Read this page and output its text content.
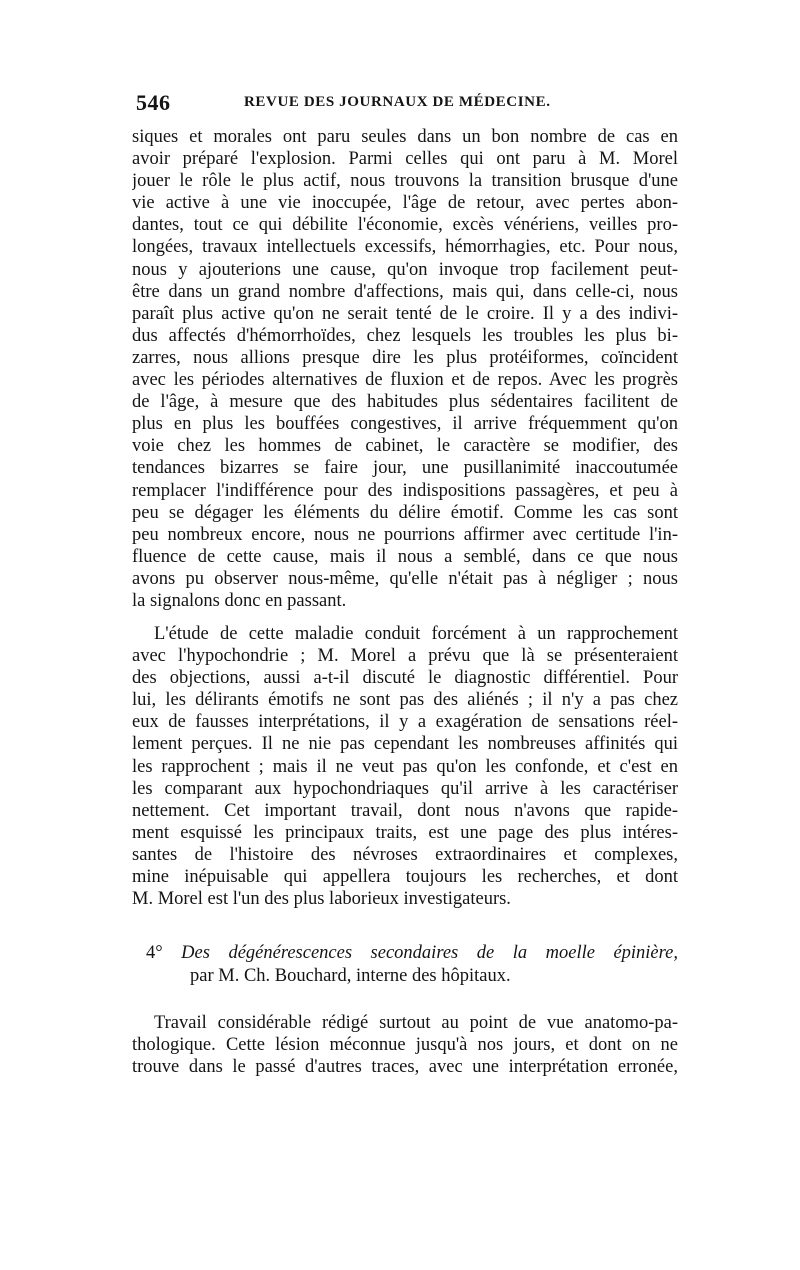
546	REVUE DES JOURNAUX DE MÉDECINE.
siques et morales ont paru seules dans un bon nombre de cas en
avoir préparé l'explosion. Parmi celles qui ont paru à M. Morel
jouer le rôle le plus actif, nous trouvons la transition brusque d'une
vie active à une vie inoccupée, l'âge de retour, avec pertes abon-
dantes, tout ce qui débilite l'économie, excès vénériens, veilles pro-
longées, travaux intellectuels excessifs, hémorrhagies, etc. Pour nous,
nous y ajouterions une cause, qu'on invoque trop facilement peut-
être dans un grand nombre d'affections, mais qui, dans celle-ci, nous
paraît plus active qu'on ne serait tenté de le croire. Il y a des indivi-
dus affectés d'hémorrhoïdes, chez lesquels les troubles les plus bi-
zarres, nous allions presque dire les plus protéiformes, coïncident
avec les périodes alternatives de fluxion et de repos. Avec les progrès
de l'âge, à mesure que des habitudes plus sédentaires facilitent de
plus en plus les bouffées congestives, il arrive fréquemment qu'on
voie chez les hommes de cabinet, le caractère se modifier, des
tendances bizarres se faire jour, une pusillanimité inaccoutumée
remplacer l'indifférence pour des indispositions passagères, et peu à
peu se dégager les éléments du délire émotif. Comme les cas sont
peu nombreux encore, nous ne pourrions affirmer avec certitude l'in-
fluence de cette cause, mais il nous a semblé, dans ce que nous
avons pu observer nous-même, qu'elle n'était pas à négliger ; nous
la signalons donc en passant.
L'étude de cette maladie conduit forcément à un rapprochement
avec l'hypochondrie ; M. Morel a prévu que là se présenteraient
des objections, aussi a-t-il discuté le diagnostic différentiel. Pour
lui, les délirants émotifs ne sont pas des aliénés ; il n'y a pas chez
eux de fausses interprétations, il y a exagération de sensations réel-
lement perçues. Il ne nie pas cependant les nombreuses affinités qui
les rapprochent ; mais il ne veut pas qu'on les confonde, et c'est en
les comparant aux hypochondriaques qu'il arrive à les caractériser
nettement. Cet important travail, dont nous n'avons que rapide-
ment esquissé les principaux traits, est une page des plus intéres-
santes de l'histoire des névroses extraordinaires et complexes,
mine inépuisable qui appellera toujours les recherches, et dont
M. Morel est l'un des plus laborieux investigateurs.
4° Des dégénérescences secondaires de la moelle épinière,
par M. Ch. Bouchard, interne des hôpitaux.
Travail considérable rédigé surtout au point de vue anatomo-pa-
thologique. Cette lésion méconnue jusqu'à nos jours, et dont on ne
trouve dans le passé d'autres traces, avec une interprétation erronée,
